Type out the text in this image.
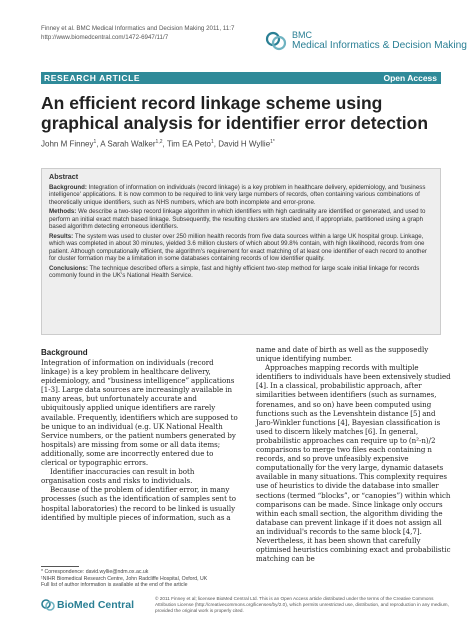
Finney et al. BMC Medical Informatics and Decision Making 2011, 11:7
http://www.biomedcentral.com/1472-6947/11/7	BMC
Medical Informatics & Decision Making
RESEARCH ARTICLE	Open Access
An efficient record linkage scheme using graphical analysis for identifier error detection
John M Finney$^1$, A Sarah Walker$^{1,2}$, Tim EA Peto$^1$, David H Wyllie$^{1*}$
Abstract

Background: Integration of information on individuals (record linkage) is a key problem in healthcare delivery, epidemiology, and 'business intelligence' applications. It is now common to be required to link very large numbers of records, often containing various combinations of theoretically unique identifiers, such as NHS numbers, which are both incomplete and error-prone.

Methods: We describe a two-step record linkage algorithm in which identifiers with high cardinality are identified or generated, and used to perform an initial exact match based linkage. Subsequently, the resulting clusters are studied and, if appropriate, partitioned using a graph based algorithm detecting erroneous identifiers.

Results: The system was used to cluster over 250 million health records from five data sources within a large UK hospital group. Linkage, which was completed in about 30 minutes, yielded 3.6 million clusters of which about 99.8% contain, with high likelihood, records from one patient. Although computationally efficient, the algorithm's requirement for exact matching of at least one identifier of each record to another for cluster formation may be a limitation in some databases containing records of low identifier quality.

Conclusions: The technique described offers a simple, fast and highly efficient two-step method for large scale initial linkage for records commonly found in the UK's National Health Service.

Background

Integration of information on individuals (record linkage) is a key problem in healthcare delivery, epidemiology, and “business intelligence” applications [1-3]. Large data sources are increasingly available in many areas, but unfortunately accurate and ubiquitously applied unique identifiers are rarely available. Frequently, identifiers which are supposed to be unique to an individual (e.g. UK National Health Service numbers, or the patient numbers generated by hospitals) are missing from some or all data items; additionally, some are incorrectly entered due to clerical or typographic errors.

Identifier inaccuracies can result in both organisation costs and risks to individuals.

Because of the problem of identifier error, in many processes (such as the identification of samples sent to hospital laboratories) the record to be linked is usually identified by multiple pieces of information, such as a

name and date of birth as well as the supposedly unique identifying number.

Approaches mapping records with multiple identifiers to individuals have been extensively studied [4]. In a classical, probabilistic approach, after similarities between identifiers (such as surnames, forenames, and so on) have been computed using functions such as the Levenshtein distance [5] and Jaro-Winkler functions [4], Bayesian classification is used to discern likely matches [6]. In general, probabilistic approaches can require up to (n²-n)/2 comparisons to merge two files each containing n records, and so prove unfeasibly expensive computationally for the very large, dynamic datasets available in many situations. This complexity requires use of heuristics to divide the database into smaller sections (termed “blocks”, or “canopies”) within which comparisons can be made. Since linkage only occurs within each small section, the algorithm dividing the database can prevent linkage if it does not assign all an individual's records to the same block [4,7]. Nevertheless, it has been shown that carefully optimised heuristics combining exact and probabilistic matching can be

* Correspondence: david.wyllie@ndm.ox.ac.uk
¹NIHR Biomedical Research Centre, John Radcliffe Hospital, Oxford, UK
Full list of author information is available at the end of the article
BioMed Central
© 2011 Finney et al; licensee BioMed Central Ltd. This is an Open Access article distributed under the terms of the Creative Commons Attribution License (http://creativecommons.org/licenses/by/2.0), which permits unrestricted use, distribution, and reproduction in any medium, provided the original work is properly cited.
